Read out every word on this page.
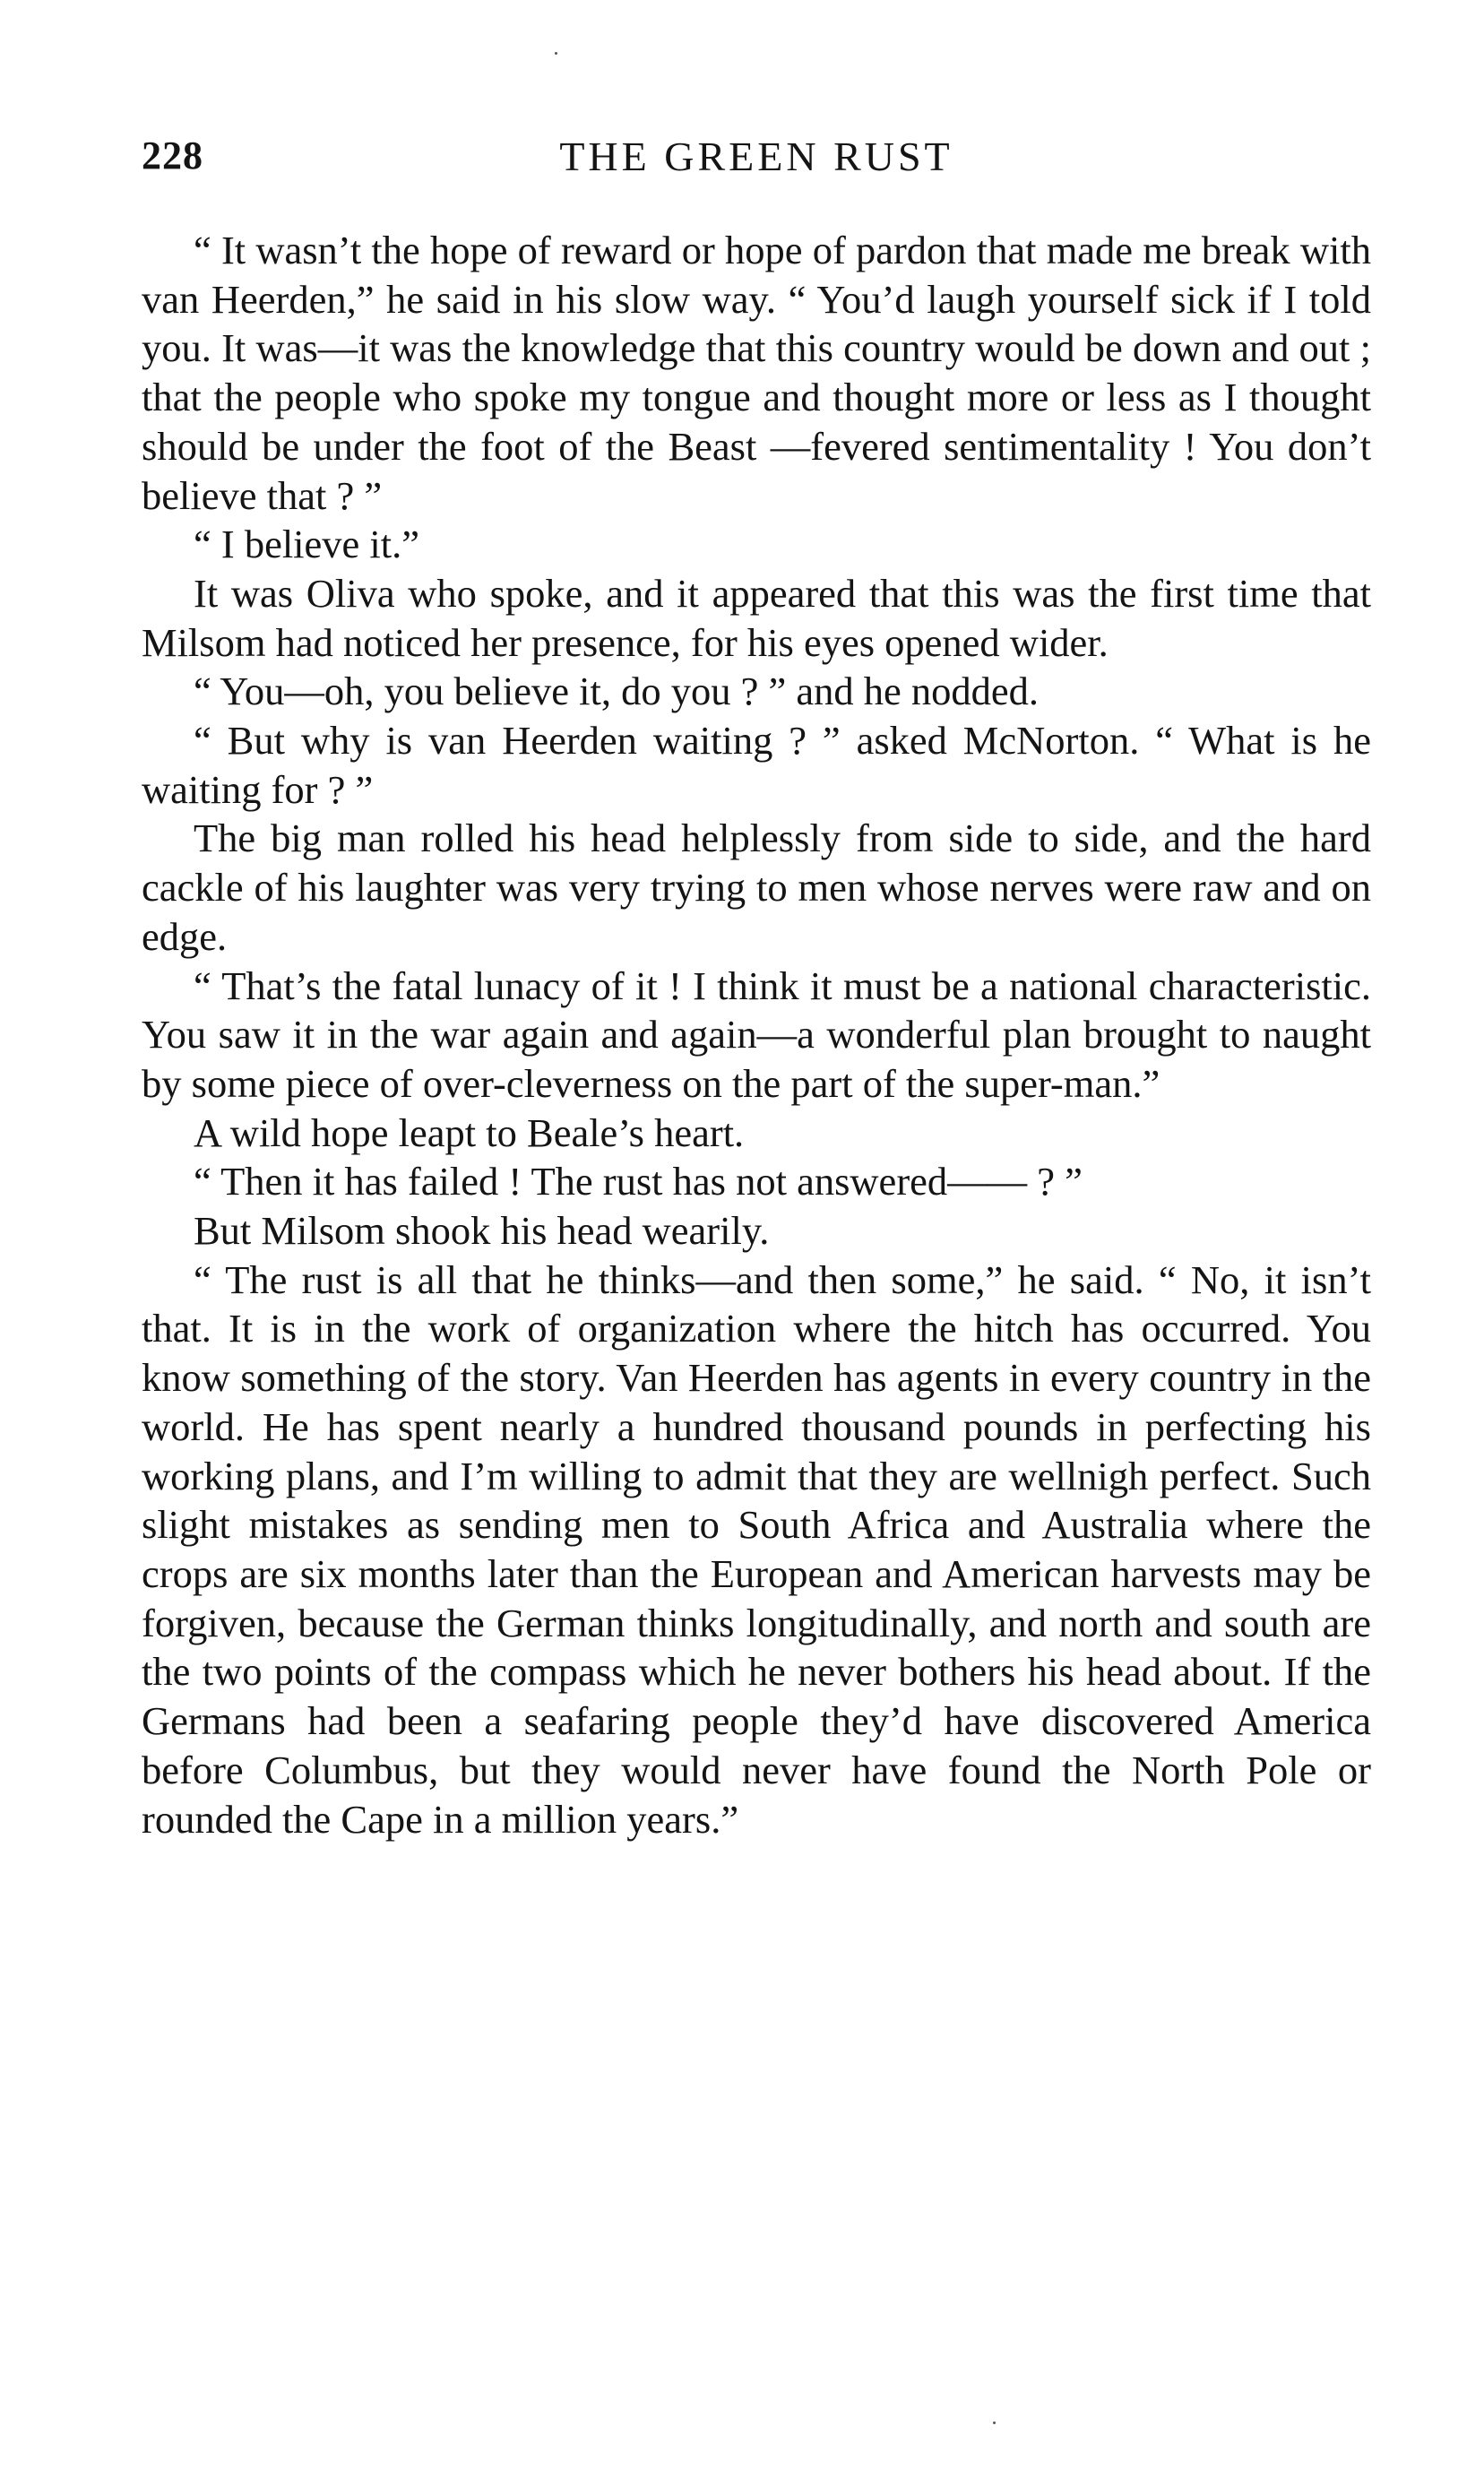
228	THE GREEN RUST

“ It wasn’t the hope of reward or hope of pardon that made me break with van Heerden,” he said in his slow way. “ You’d laugh yourself sick if I told you. It was—it was the knowledge that this country would be down and out ; that the people who spoke my tongue and thought more or less as I thought should be under the foot of the Beast —fevered sentimentality ! You don’t believe that ? ”

“ I believe it.”

It was Oliva who spoke, and it appeared that this was the first time that Milsom had noticed her presence, for his eyes opened wider.

“ You—oh, you believe it, do you ? ” and he nodded.

“ But why is van Heerden waiting ? ” asked McNorton. “ What is he waiting for ? ”

The big man rolled his head helplessly from side to side, and the hard cackle of his laughter was very trying to men whose nerves were raw and on edge.

“ That’s the fatal lunacy of it ! I think it must be a national characteristic. You saw it in the war again and again—a wonderful plan brought to naught by some piece of over-cleverness on the part of the super-man.”

A wild hope leapt to Beale’s heart.

“ Then it has failed ! The rust has not answered—— ? ”

But Milsom shook his head wearily.

“ The rust is all that he thinks—and then some,” he said. “ No, it isn’t that. It is in the work of organization where the hitch has occurred. You know something of the story. Van Heerden has agents in every country in the world. He has spent nearly a hundred thousand pounds in perfecting his working plans, and I’m willing to admit that they are wellnigh perfect. Such slight mistakes as sending men to South Africa and Australia where the crops are six months later than the European and American harvests may be forgiven, because the German thinks longitudinally, and north and south are the two points of the compass which he never bothers his head about. If the Germans had been a seafaring people they’d have discovered America before Columbus, but they would never have found the North Pole or rounded the Cape in a million years.”
